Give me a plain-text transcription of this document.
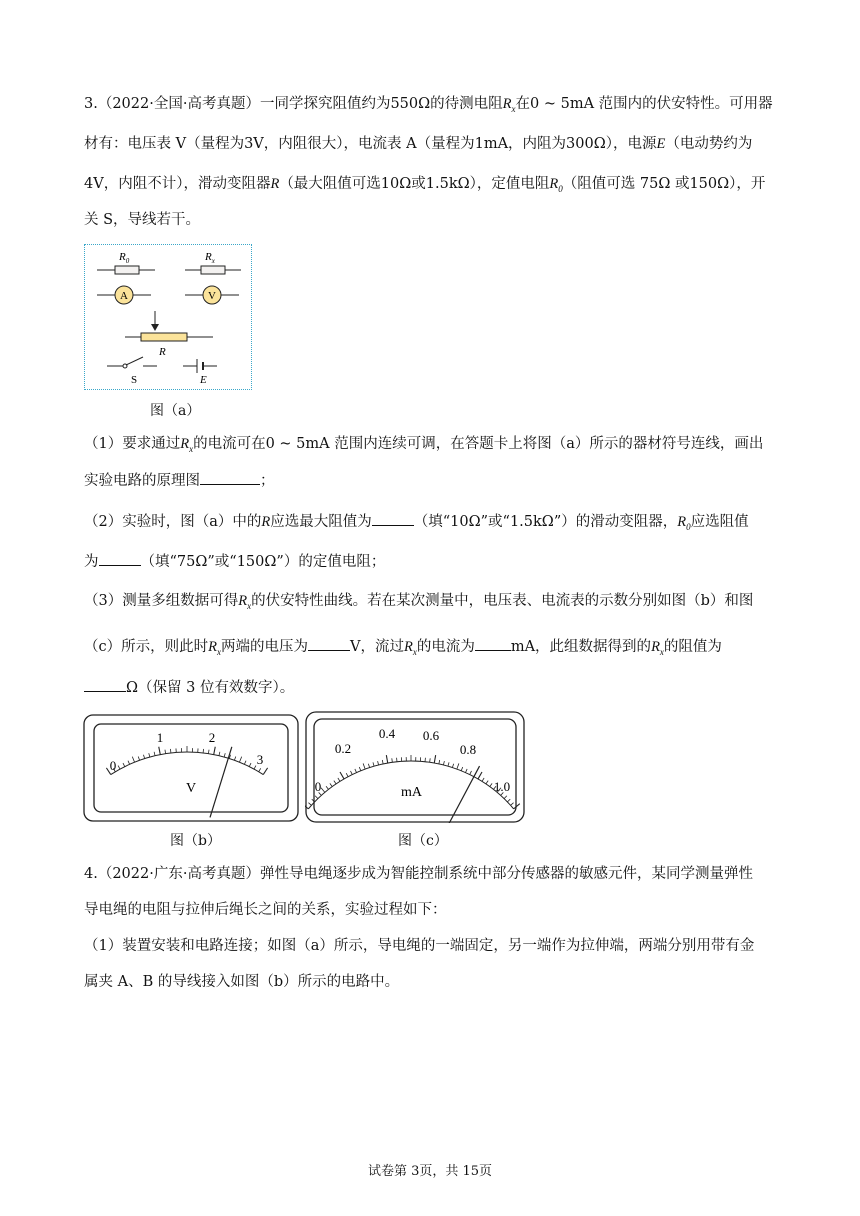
3.（2022·全国·高考真题）一同学探究阻值约为550Ω的待测电阻$R_x$在0 ~ 5mA 范围内的伏安特性。可用器
材有：电压表 V（量程为3V，内阻很大），电流表 A（量程为1mA，内阻为300Ω），电源E（电动势约为
4V，内阻不计），滑动变阻器R（最大阻值可选10Ω或1.5kΩ），定值电阻$R_0$（阻值可选 75Ω 或150Ω），开
关 S，导线若干。
$R_0$	$R_x$
A	V
R
S	E
图（a）
（1）要求通过$R_x$的电流可在0 ~ 5mA 范围内连续可调，在答题卡上将图（a）所示的器材符号连线，画出
实验电路的原理图	；
（2）实验时，图（a）中的R应选最大阻值为	（填“10Ω”或“1.5kΩ”）的滑动变阻器，$R_0$应选阻值
为	（填“75Ω”或“150Ω”）的定值电阻；
（3）测量多组数据可得$R_x$的伏安特性曲线。若在某次测量中，电压表、电流表的示数分别如图（b）和图
（c）所示，则此时$R_x$两端的电压为	V，流过$R_x$的电流为 mA，此组数据得到的$R_x$的阻值为
Ω（保留 3 位有效数字）。
0
1	2
3
V
图（b）
0
0.2
0.4 0.6
0.8
1.0
mA
图（c）
4.（2022·广东·高考真题）弹性导电绳逐步成为智能控制系统中部分传感器的敏感元件，某同学测量弹性
导电绳的电阻与拉伸后绳长之间的关系，实验过程如下：
（1）装置安装和电路连接；如图（a）所示，导电绳的一端固定，另一端作为拉伸端，两端分别用带有金
属夹 A、B 的导线接入如图（b）所示的电路中。
试卷第 3页，共 15页
